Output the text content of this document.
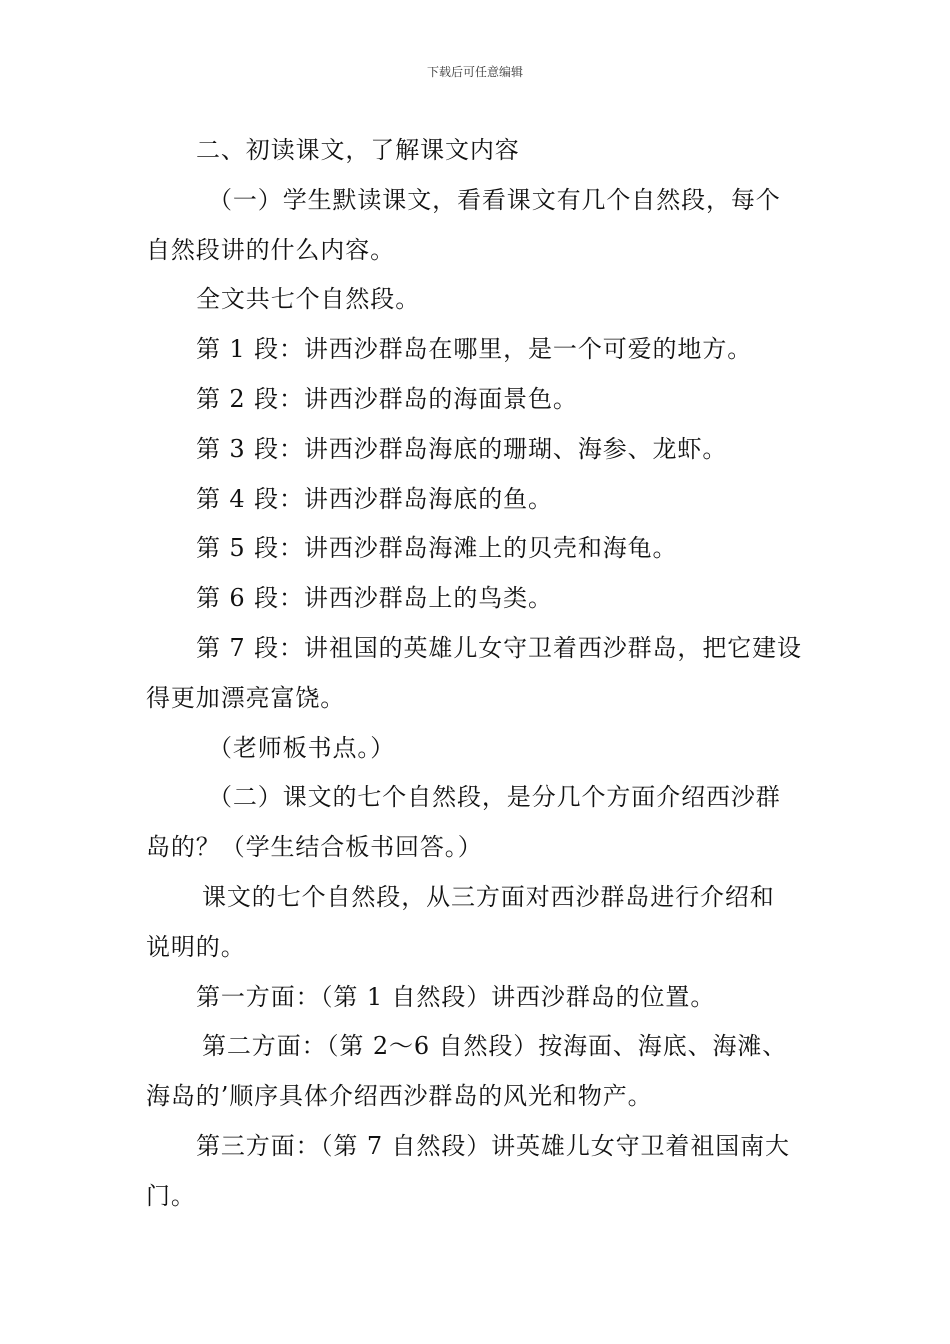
下载后可任意编辑

二、初读课文，了解课文内容

（一）学生默读课文，看看课文有几个自然段，每个

自然段讲的什么内容。

全文共七个自然段。

第 1 段：讲西沙群岛在哪里，是一个可爱的地方。

第 2 段：讲西沙群岛的海面景色。

第 3 段：讲西沙群岛海底的珊瑚、海参、龙虾。

第 4 段：讲西沙群岛海底的鱼。

第 5 段：讲西沙群岛海滩上的贝壳和海龟。

第 6 段：讲西沙群岛上的鸟类。

第 7 段：讲祖国的英雄儿女守卫着西沙群岛，把它建设

得更加漂亮富饶。

（老师板书点。）

（二）课文的七个自然段，是分几个方面介绍西沙群

岛的？（学生结合板书回答。）

课文的七个自然段，从三方面对西沙群岛进行介绍和

说明的。

第一方面：（第 1 自然段）讲西沙群岛的位置。

第二方面：（第 2～6 自然段）按海面、海底、海滩、

海岛的’顺序具体介绍西沙群岛的风光和物产。

第三方面：（第 7 自然段）讲英雄儿女守卫着祖国南大

门。
